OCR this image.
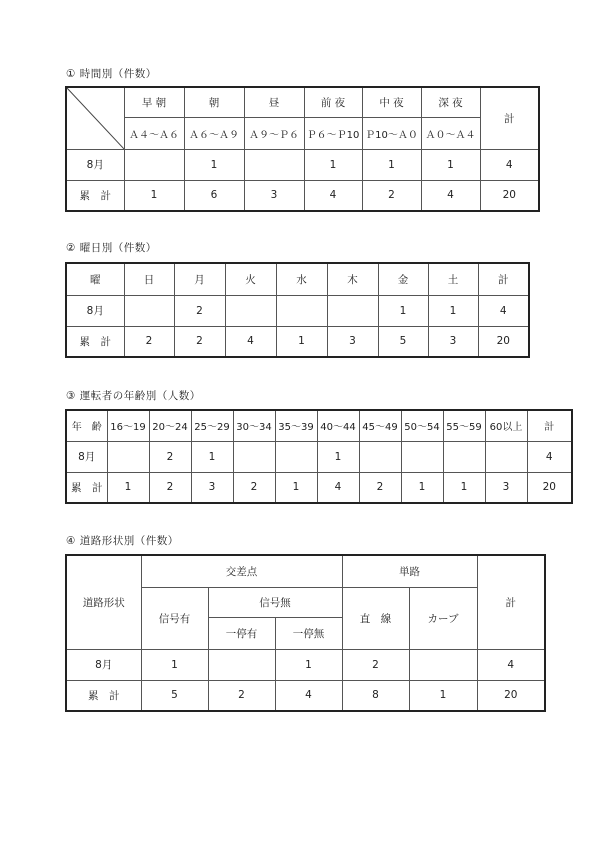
① 時間別（件数）
	早 朝	朝	昼	前 夜	中 夜	深 夜	計
	Ａ４～Ａ６	Ａ６～Ａ９	Ａ９～Ｐ６	Ｐ６～Ｐ10	Ｐ10～Ａ０	Ａ０～Ａ４	
8月		1		1	1	1	4
累　計	1	6	3	4	2	4	20
② 曜日別（件数）
曜	日	月	火	水	木	金	土	計
8月		2				1	1	4
累　計	2	2	4	1	3	5	3	20
③ 運転者の年齢別（人数）
年　齢	16～19	20～24	25～29	30～34	35～39	40～44	45～49	50～54	55～59	60以上	計
8月		2	1			1					4
累　計	1	2	3	2	1	4	2	1	1	3	20
④ 道路形状別（件数）
道路形状	交差点			単路		計
	信号有	信号無		直　線	カーブ	
		一停有	一停無			
8月	1		1	2		4
累　計	5	2	4	8	1	20
